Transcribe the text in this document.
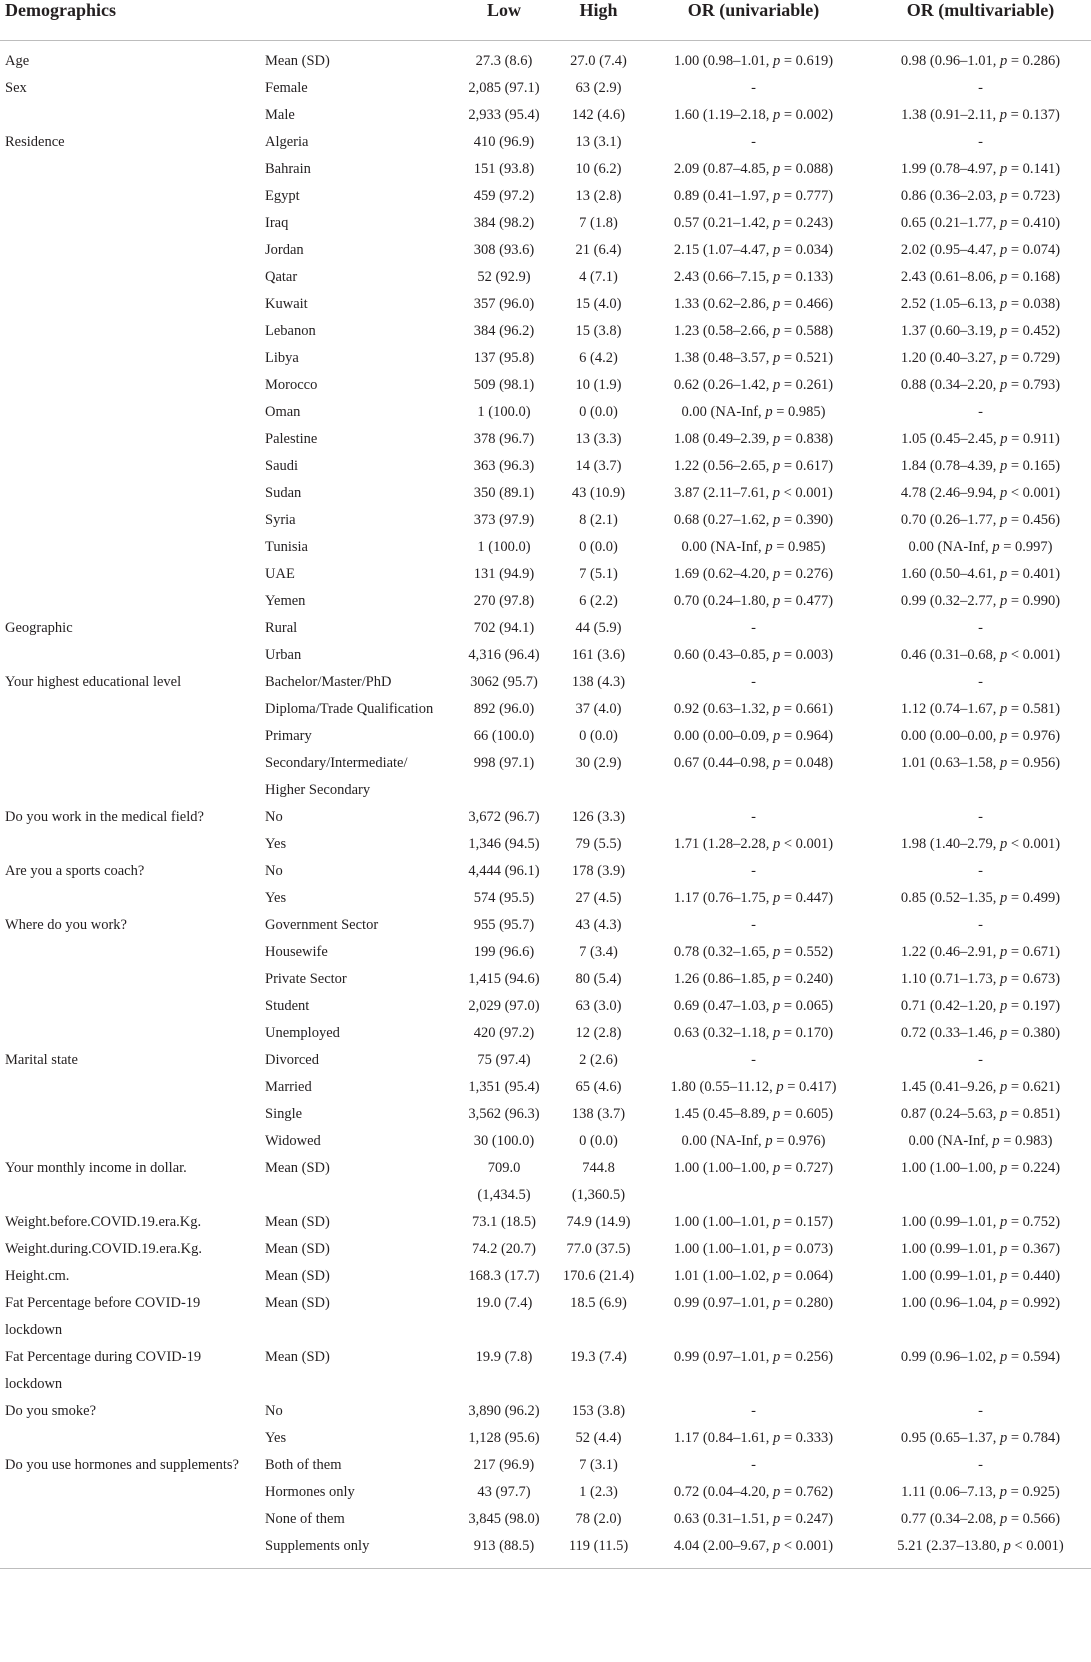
Demographics		Low	High	OR (univariable)	OR (multivariable)
Age	Mean (SD)	27.3 (8.6)	27.0 (7.4)	1.00 (0.98–1.01, p = 0.619)	0.98 (0.96–1.01, p = 0.286)
Sex	Female	2,085 (97.1)	63 (2.9)	-	-
	Male	2,933 (95.4)	142 (4.6)	1.60 (1.19–2.18, p = 0.002)	1.38 (0.91–2.11, p = 0.137)
Residence	Algeria	410 (96.9)	13 (3.1)	-	-
	Bahrain	151 (93.8)	10 (6.2)	2.09 (0.87–4.85, p = 0.088)	1.99 (0.78–4.97, p = 0.141)
	Egypt	459 (97.2)	13 (2.8)	0.89 (0.41–1.97, p = 0.777)	0.86 (0.36–2.03, p = 0.723)
	Iraq	384 (98.2)	7 (1.8)	0.57 (0.21–1.42, p = 0.243)	0.65 (0.21–1.77, p = 0.410)
	Jordan	308 (93.6)	21 (6.4)	2.15 (1.07–4.47, p = 0.034)	2.02 (0.95–4.47, p = 0.074)
	Qatar	52 (92.9)	4 (7.1)	2.43 (0.66–7.15, p = 0.133)	2.43 (0.61–8.06, p = 0.168)
	Kuwait	357 (96.0)	15 (4.0)	1.33 (0.62–2.86, p = 0.466)	2.52 (1.05–6.13, p = 0.038)
	Lebanon	384 (96.2)	15 (3.8)	1.23 (0.58–2.66, p = 0.588)	1.37 (0.60–3.19, p = 0.452)
	Libya	137 (95.8)	6 (4.2)	1.38 (0.48–3.57, p = 0.521)	1.20 (0.40–3.27, p = 0.729)
	Morocco	509 (98.1)	10 (1.9)	0.62 (0.26–1.42, p = 0.261)	0.88 (0.34–2.20, p = 0.793)
	Oman	1 (100.0)	0 (0.0)	0.00 (NA-Inf, p = 0.985)	-
	Palestine	378 (96.7)	13 (3.3)	1.08 (0.49–2.39, p = 0.838)	1.05 (0.45–2.45, p = 0.911)
	Saudi	363 (96.3)	14 (3.7)	1.22 (0.56–2.65, p = 0.617)	1.84 (0.78–4.39, p = 0.165)
	Sudan	350 (89.1)	43 (10.9)	3.87 (2.11–7.61, p < 0.001)	4.78 (2.46–9.94, p < 0.001)
	Syria	373 (97.9)	8 (2.1)	0.68 (0.27–1.62, p = 0.390)	0.70 (0.26–1.77, p = 0.456)
	Tunisia	1 (100.0)	0 (0.0)	0.00 (NA-Inf, p = 0.985)	0.00 (NA-Inf, p = 0.997)
	UAE	131 (94.9)	7 (5.1)	1.69 (0.62–4.20, p = 0.276)	1.60 (0.50–4.61, p = 0.401)
	Yemen	270 (97.8)	6 (2.2)	0.70 (0.24–1.80, p = 0.477)	0.99 (0.32–2.77, p = 0.990)
Geographic	Rural	702 (94.1)	44 (5.9)	-	-
	Urban	4,316 (96.4)	161 (3.6)	0.60 (0.43–0.85, p = 0.003)	0.46 (0.31–0.68, p < 0.001)
Your highest educational level	Bachelor/Master/PhD	3062 (95.7)	138 (4.3)	-	-
	Diploma/Trade Qualification	892 (96.0)	37 (4.0)	0.92 (0.63–1.32, p = 0.661)	1.12 (0.74–1.67, p = 0.581)
	Primary	66 (100.0)	0 (0.0)	0.00 (0.00–0.09, p = 0.964)	0.00 (0.00–0.00, p = 0.976)
	Secondary/Intermediate/	998 (97.1)	30 (2.9)	0.67 (0.44–0.98, p = 0.048)	1.01 (0.63–1.58, p = 0.956)
	Higher Secondary				
Do you work in the medical field?	No	3,672 (96.7)	126 (3.3)	-	-
	Yes	1,346 (94.5)	79 (5.5)	1.71 (1.28–2.28, p < 0.001)	1.98 (1.40–2.79, p < 0.001)
Are you a sports coach?	No	4,444 (96.1)	178 (3.9)	-	-
	Yes	574 (95.5)	27 (4.5)	1.17 (0.76–1.75, p = 0.447)	0.85 (0.52–1.35, p = 0.499)
Where do you work?	Government Sector	955 (95.7)	43 (4.3)	-	-
	Housewife	199 (96.6)	7 (3.4)	0.78 (0.32–1.65, p = 0.552)	1.22 (0.46–2.91, p = 0.671)
	Private Sector	1,415 (94.6)	80 (5.4)	1.26 (0.86–1.85, p = 0.240)	1.10 (0.71–1.73, p = 0.673)
	Student	2,029 (97.0)	63 (3.0)	0.69 (0.47–1.03, p = 0.065)	0.71 (0.42–1.20, p = 0.197)
	Unemployed	420 (97.2)	12 (2.8)	0.63 (0.32–1.18, p = 0.170)	0.72 (0.33–1.46, p = 0.380)
Marital state	Divorced	75 (97.4)	2 (2.6)	-	-
	Married	1,351 (95.4)	65 (4.6)	1.80 (0.55–11.12, p = 0.417)	1.45 (0.41–9.26, p = 0.621)
	Single	3,562 (96.3)	138 (3.7)	1.45 (0.45–8.89, p = 0.605)	0.87 (0.24–5.63, p = 0.851)
	Widowed	30 (100.0)	0 (0.0)	0.00 (NA-Inf, p = 0.976)	0.00 (NA-Inf, p = 0.983)
Your monthly income in dollar.	Mean (SD)	709.0	744.8	1.00 (1.00–1.00, p = 0.727)	1.00 (1.00–1.00, p = 0.224)
		(1,434.5)	(1,360.5)		
Weight.before.COVID.19.era.Kg.	Mean (SD)	73.1 (18.5)	74.9 (14.9)	1.00 (1.00–1.01, p = 0.157)	1.00 (0.99–1.01, p = 0.752)
Weight.during.COVID.19.era.Kg.	Mean (SD)	74.2 (20.7)	77.0 (37.5)	1.00 (1.00–1.01, p = 0.073)	1.00 (0.99–1.01, p = 0.367)
Height.cm.	Mean (SD)	168.3 (17.7)	170.6 (21.4)	1.01 (1.00–1.02, p = 0.064)	1.00 (0.99–1.01, p = 0.440)
Fat Percentage before COVID-19	Mean (SD)	19.0 (7.4)	18.5 (6.9)	0.99 (0.97–1.01, p = 0.280)	1.00 (0.96–1.04, p = 0.992)
lockdown					
Fat Percentage during COVID-19	Mean (SD)	19.9 (7.8)	19.3 (7.4)	0.99 (0.97–1.01, p = 0.256)	0.99 (0.96–1.02, p = 0.594)
lockdown					
Do you smoke?	No	3,890 (96.2)	153 (3.8)	-	-
	Yes	1,128 (95.6)	52 (4.4)	1.17 (0.84–1.61, p = 0.333)	0.95 (0.65–1.37, p = 0.784)
Do you use hormones and supplements?	Both of them	217 (96.9)	7 (3.1)	-	-
	Hormones only	43 (97.7)	1 (2.3)	0.72 (0.04–4.20, p = 0.762)	1.11 (0.06–7.13, p = 0.925)
	None of them	3,845 (98.0)	78 (2.0)	0.63 (0.31–1.51, p = 0.247)	0.77 (0.34–2.08, p = 0.566)
	Supplements only	913 (88.5)	119 (11.5)	4.04 (2.00–9.67, p < 0.001)	5.21 (2.37–13.80, p < 0.001)
